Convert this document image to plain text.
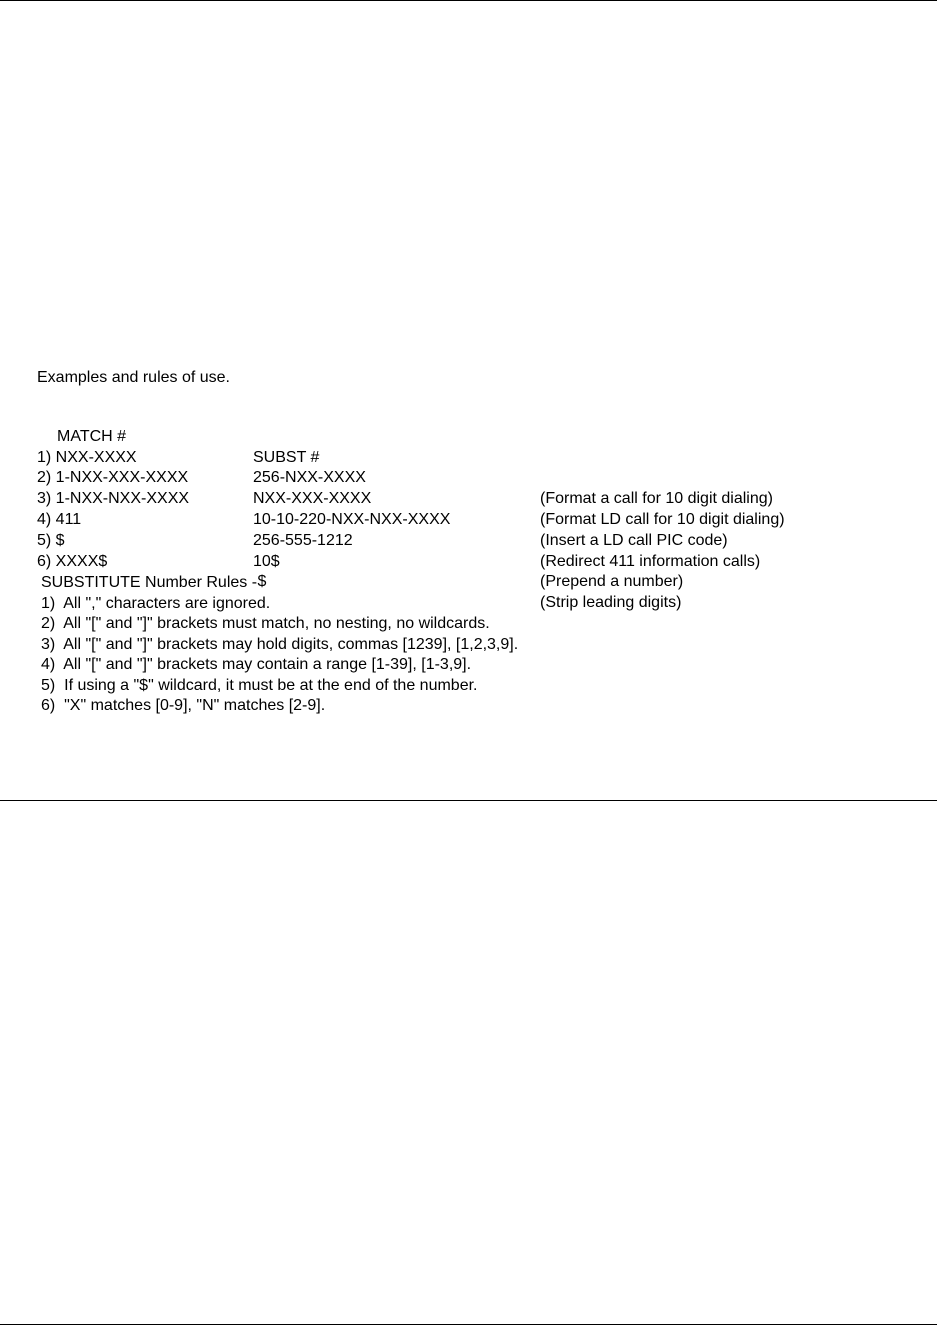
Examples and rules of use.

MATCH #

SUBST #

1) NXX-XXXX

256-NXX-XXXX

(Format a call for 10 digit dialing)

2) 1-NXX-XXX-XXXX

NXX-XXX-XXXX

(Format LD call for 10 digit dialing)

3) 1-NXX-NXX-XXXX

10-10-220-NXX-NXX-XXXX

(Insert a LD call PIC code)

4) 411

256-555-1212

(Redirect 411 information calls)

5) $

10$

(Prepend a number)

6) XXXX$

$

(Strip leading digits)

SUBSTITUTE Number Rules -
1)  All "," characters are ignored.
2)  All "[" and "]" brackets must match, no nesting, no wildcards.
3)  All "[" and "]" brackets may hold digits, commas [1239], [1,2,3,9].
4)  All "[" and "]" brackets may contain a range [1-39], [1-3,9].
5)  If using a "$" wildcard, it must be at the end of the number.
6)  "X" matches [0-9], "N" matches [2-9].
